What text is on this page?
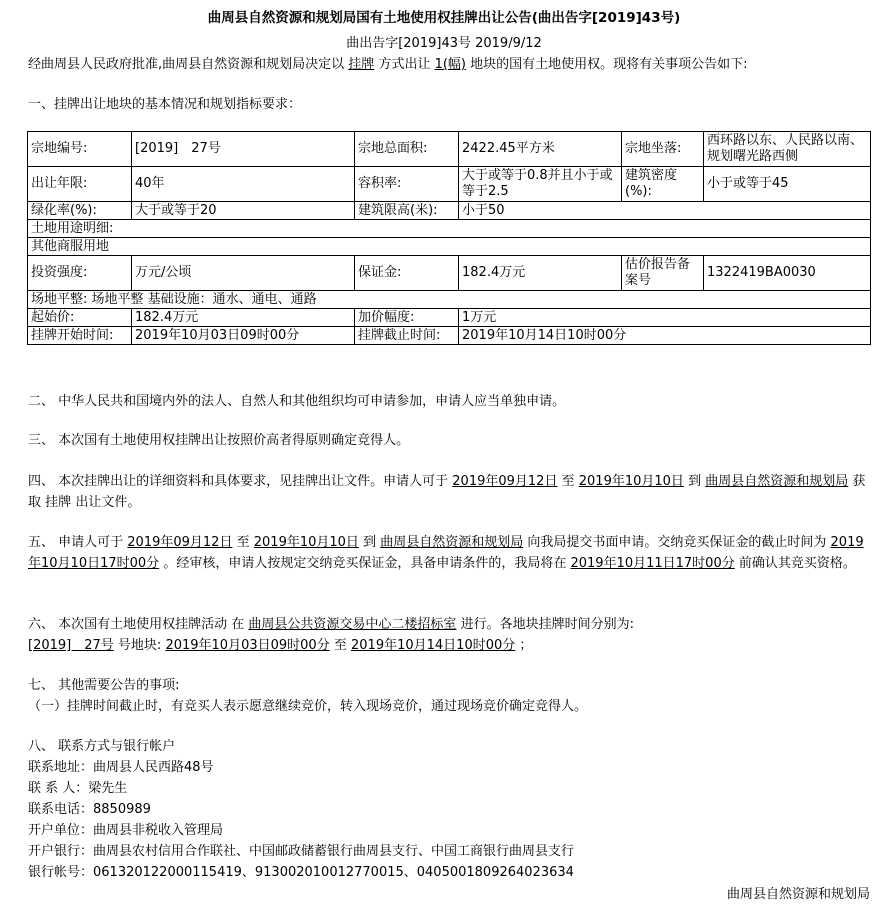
曲周县自然资源和规划局国有土地使用权挂牌出让公告(曲出告字[2019]43号)
曲出告字[2019]43号 2019/9/12
经曲周县人民政府批准,曲周县自然资源和规划局决定以 挂牌 方式出让 1(幅) 地块的国有土地使用权。现将有关事项公告如下:
一、挂牌出让地块的基本情况和规划指标要求：
宗地编号:	[2019]　27号	宗地总面积:	2422.45平方米	宗地坐落:	西环路以东、人民路以南、规划曙光路西侧
出让年限:	40年	容积率:	大于或等于0.8并且小于或等于2.5	建筑密度(%):	小于或等于45
绿化率(%):	大于或等于20	建筑限高(米):	小于50		
土地用途明细:					
其他商服用地					
投资强度:	万元/公顷	保证金:	182.4万元	估价报告备案号	1322419BA0030
场地平整: 场地平整 基础设施：通水、通电、通路					
起始价:	182.4万元	加价幅度:	1万元		
挂牌开始时间:	2019年10月03日09时00分	挂牌截止时间:	2019年10月14日10时00分		
二、 中华人民共和国境内外的法人、自然人和其他组织均可申请参加，申请人应当单独申请。
三、 本次国有土地使用权挂牌出让按照价高者得原则确定竞得人。
四、 本次挂牌出让的详细资料和具体要求，见挂牌出让文件。申请人可于 2019年09月12日 至 2019年10月10日 到 曲周县自然资源和规划局 获取 挂牌 出让文件。
五、 申请人可于 2019年09月12日 至 2019年10月10日 到 曲周县自然资源和规划局 向我局提交书面申请。交纳竞买保证金的截止时间为 2019年10月10日17时00分 。经审核，申请人按规定交纳竞买保证金，具备申请条件的，我局将在 2019年10月11日17时00分 前确认其竞买资格。
六、 本次国有土地使用权挂牌活动 在 曲周县公共资源交易中心二楼招标室 进行。各地块挂牌时间分别为:
[2019]　27号 号地块: 2019年10月03日09时00分 至 2019年10月14日10时00分 ；
七、 其他需要公告的事项:
（一）挂牌时间截止时，有竞买人表示愿意继续竞价，转入现场竞价，通过现场竞价确定竞得人。
八、 联系方式与银行帐户
联系地址：曲周县人民西路48号
联 系 人：梁先生
联系电话：8850989
开户单位：曲周县非税收入管理局
开户银行：曲周县农村信用合作联社、中国邮政储蓄银行曲周县支行、中国工商银行曲周县支行
银行帐号：061320122000115419、913002010012770015、0405001809264023634
曲周县自然资源和规划局
